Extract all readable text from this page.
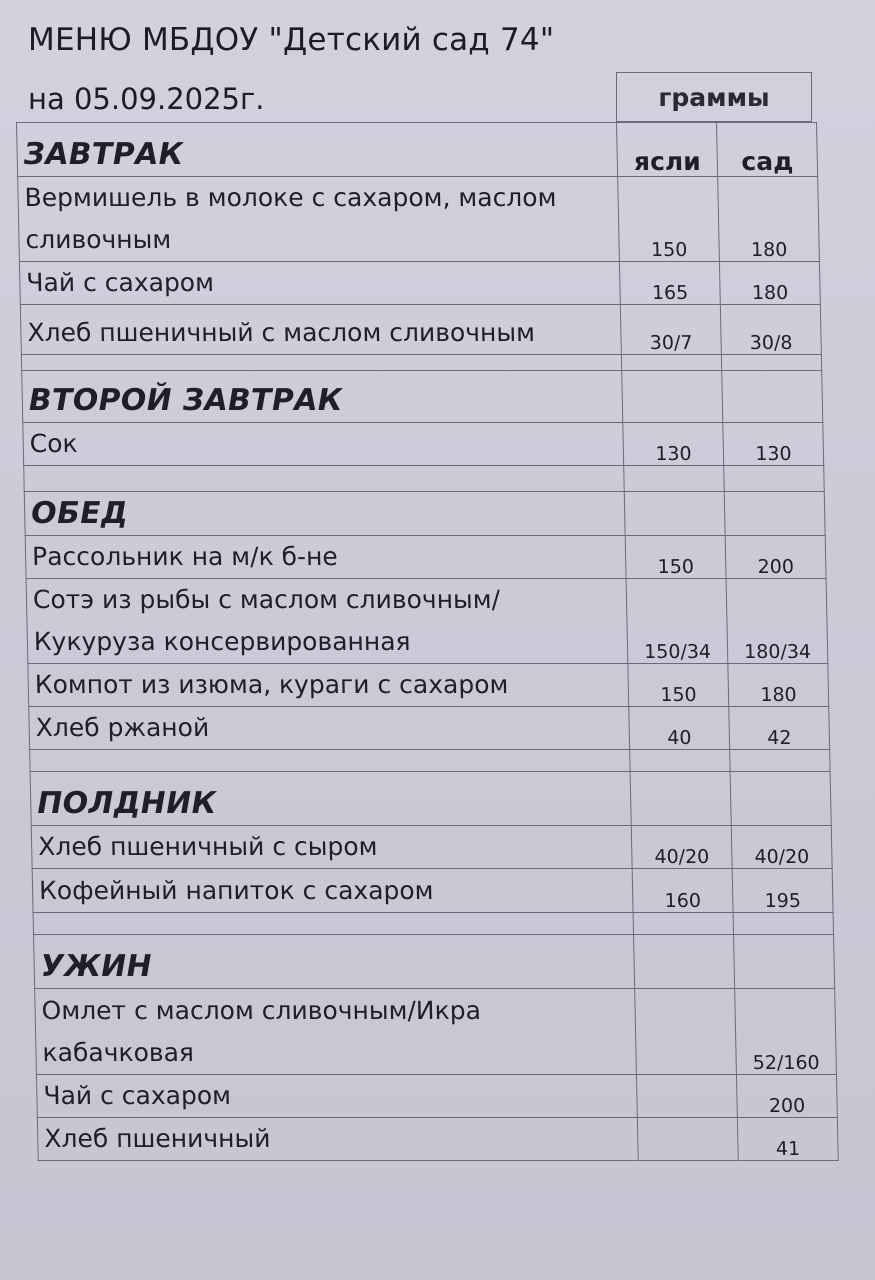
МЕНЮ МБДОУ "Детский сад 74"
на 05.09.2025г.	граммы
ЗАВТРАК	ясли	сад
Вермишель в молоке с сахаром, маслом сливочным	150	180
Чай с сахаром	165	180
Хлеб пшеничный с маслом сливочным	30/7	30/8

ВТОРОЙ ЗАВТРАК		
Сок	130	130

ОБЕД		
Рассольник на м/к б-не	150	200
Сотэ из рыбы с маслом сливочным/ Кукуруза консервированная	150/34	180/34
Компот из изюма, кураги с сахаром	150	180
Хлеб ржаной	40	42

ПОЛДНИК		
Хлеб пшеничный с сыром	40/20	40/20
Кофейный напиток с сахаром	160	195

УЖИН		
Омлет с маслом сливочным/Икра кабачковая		52/160
Чай с сахаром		200
Хлеб пшеничный		41
